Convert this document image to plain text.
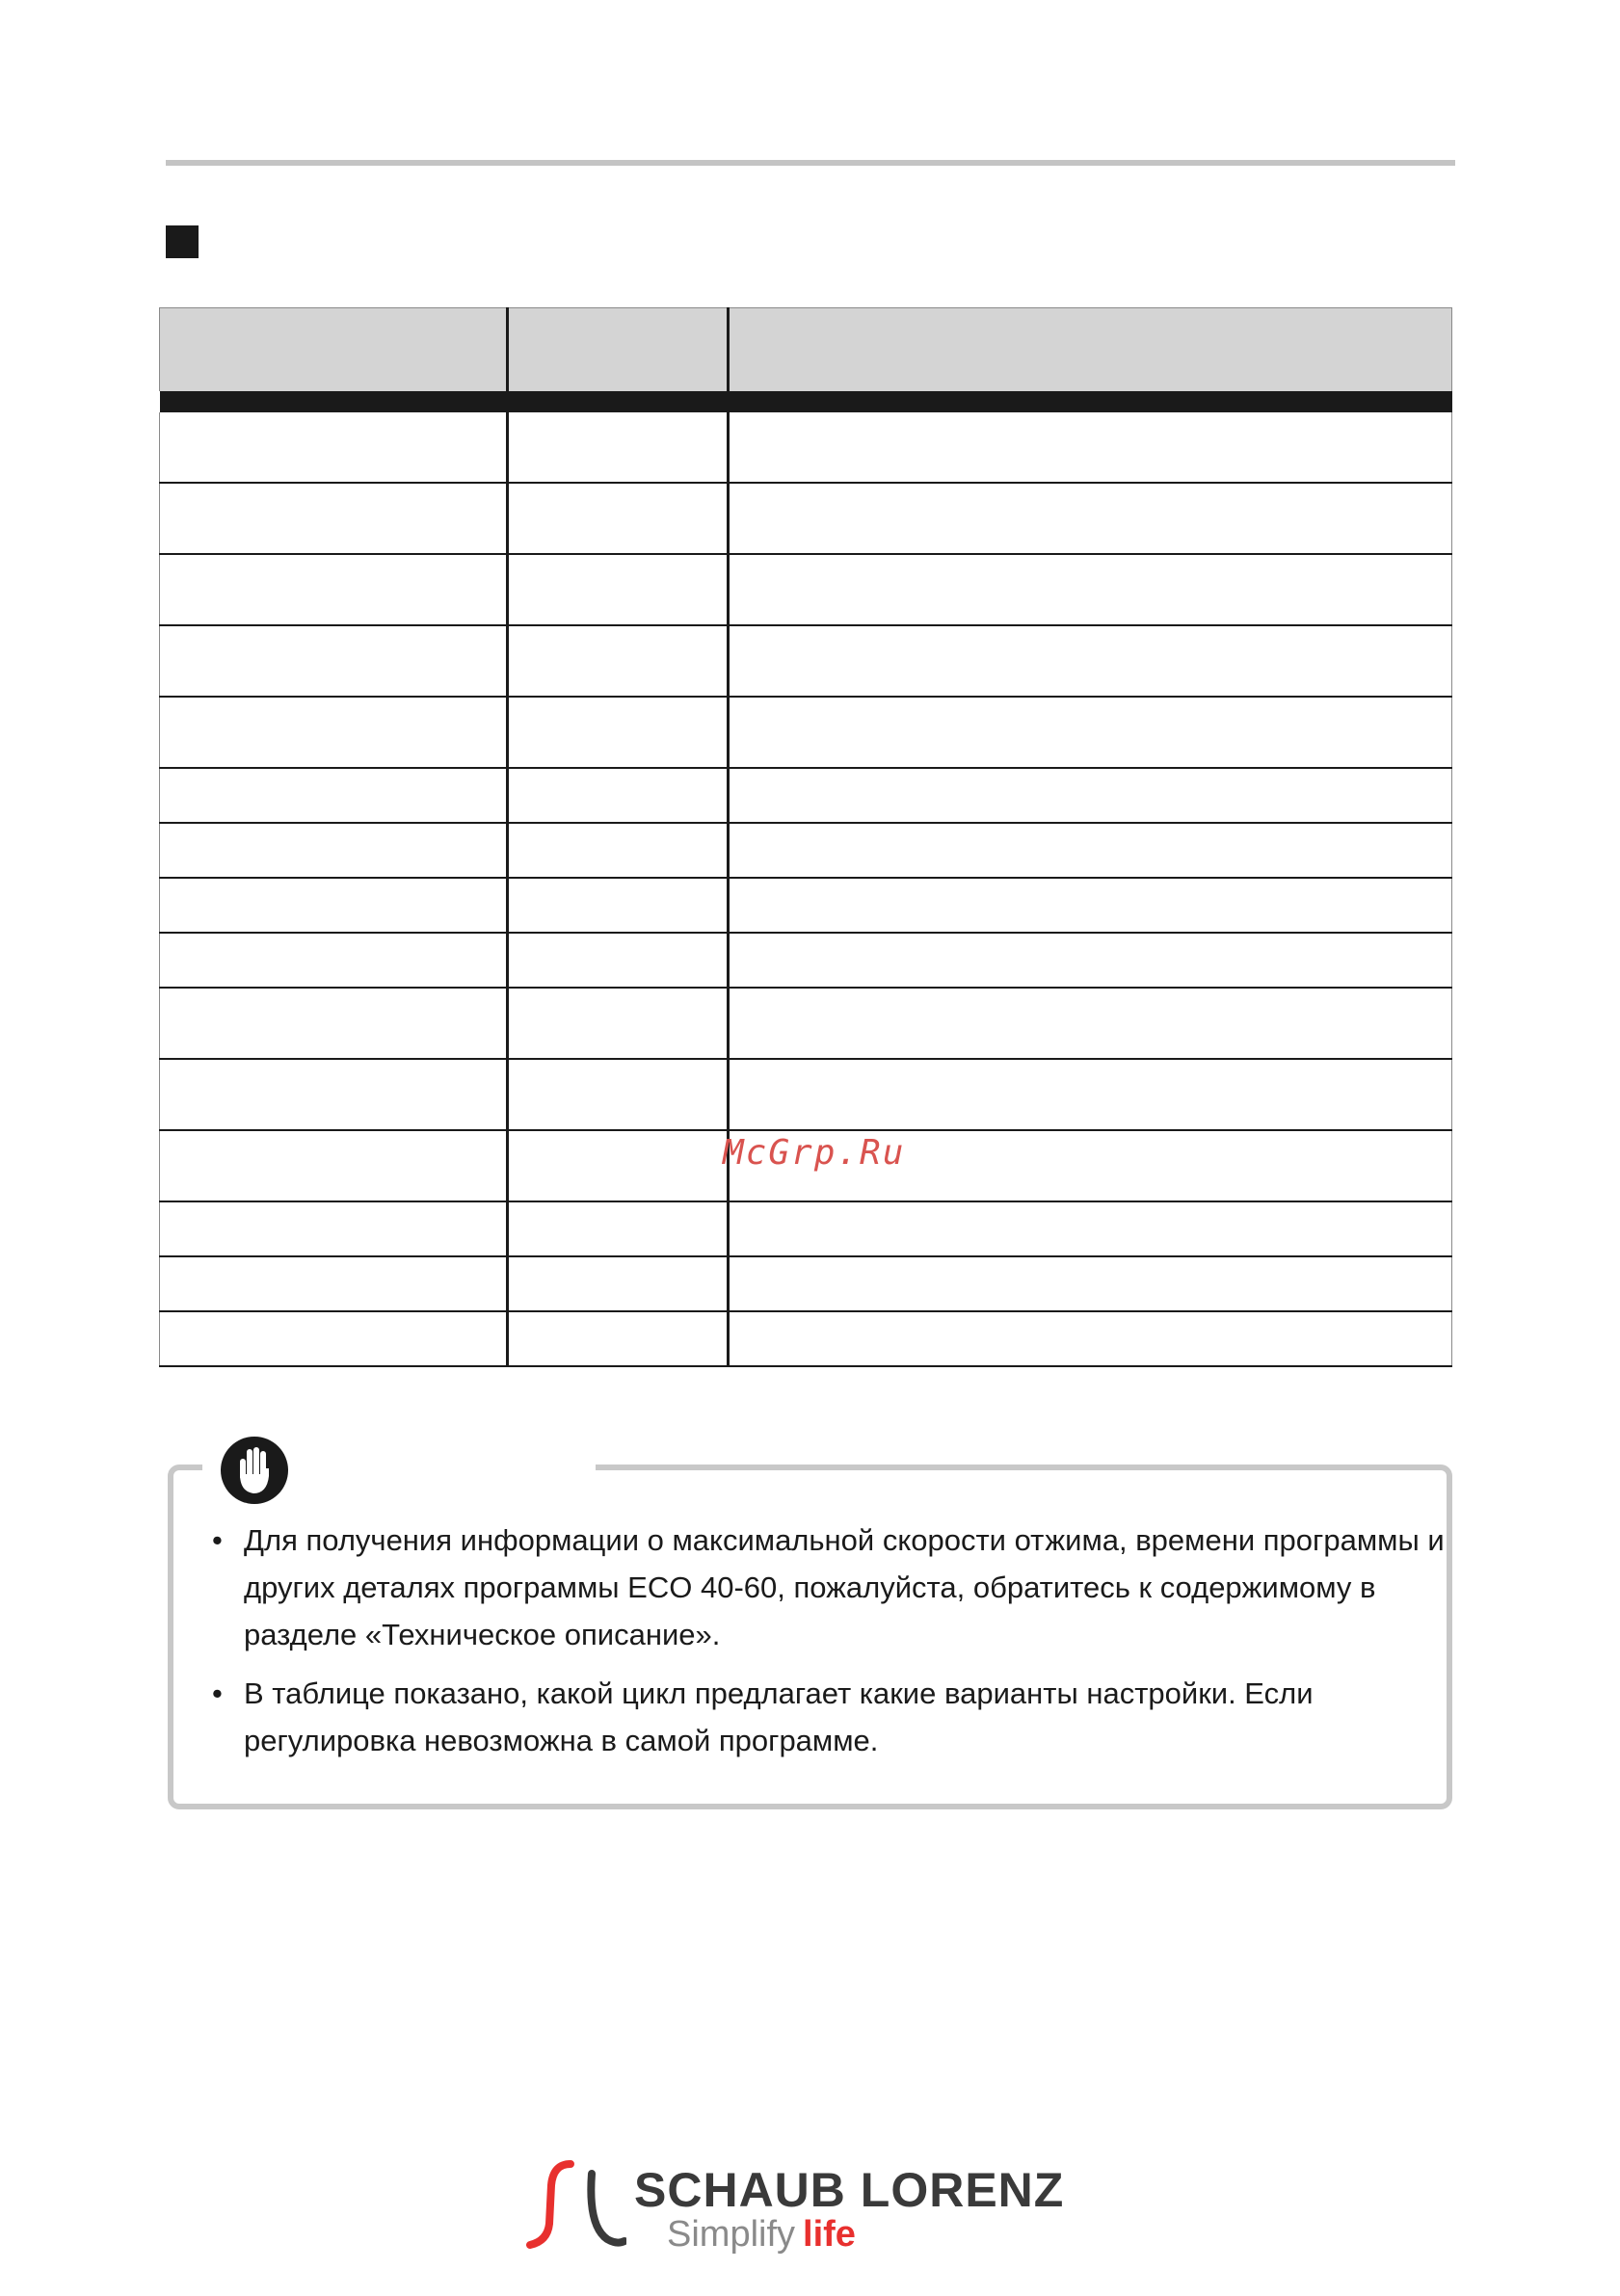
McGrp.Ru
• Для получения информации о максимальной скорости отжима, времени программы и других деталях программы ECO 40-60, пожалуйста, обратитесь к содержимому в разделе «Техническое описание».
• В таблице показано, какой цикл предлагает какие варианты настройки. Если регулировка невозможна в самой программе.
SCHAUB LORENZ
Simplify life
